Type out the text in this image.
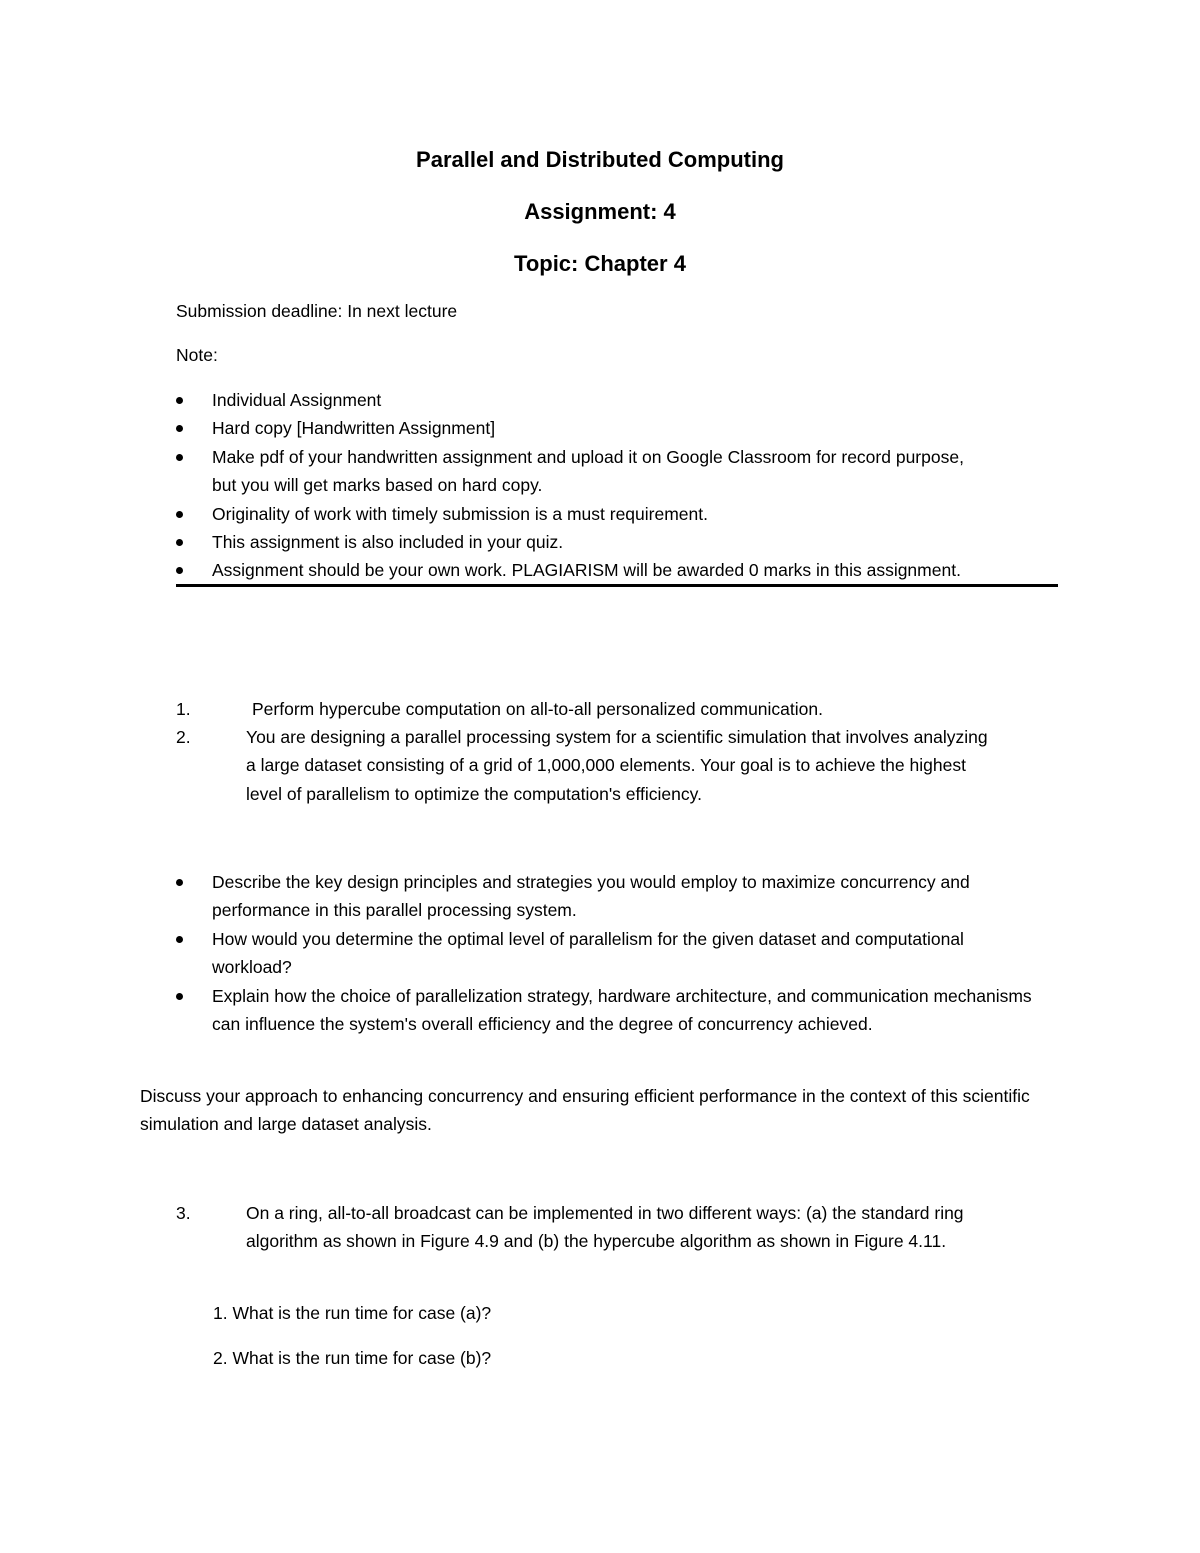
Parallel and Distributed Computing
Assignment: 4
Topic: Chapter 4

Submission deadline: In next lecture

Note:

Individual Assignment
Hard copy [Handwritten Assignment]
Make pdf of your handwritten assignment and upload it on Google Classroom for record purpose, but you will get marks based on hard copy.
Originality of work with timely submission is a must requirement.
This assignment is also included in your quiz.
Assignment should be your own work. PLAGIARISM will be awarded 0 marks in this assignment.
1.	Perform hypercube computation on all-to-all personalized communication.
2.	You are designing a parallel processing system for a scientific simulation that involves analyzing a large dataset consisting of a grid of 1,000,000 elements. Your goal is to achieve the highest level of parallelism to optimize the computation's efficiency.
Describe the key design principles and strategies you would employ to maximize concurrency and performance in this parallel processing system.
How would you determine the optimal level of parallelism for the given dataset and computational workload?
Explain how the choice of parallelization strategy, hardware architecture, and communication mechanisms can influence the system's overall efficiency and the degree of concurrency achieved.

Discuss your approach to enhancing concurrency and ensuring efficient performance in the context of this scientific simulation and large dataset analysis.

3.	On a ring, all-to-all broadcast can be implemented in two different ways: (a) the standard ring algorithm as shown in Figure 4.9 and (b) the hypercube algorithm as shown in Figure 4.11.

1. What is the run time for case (a)?

2. What is the run time for case (b)?
